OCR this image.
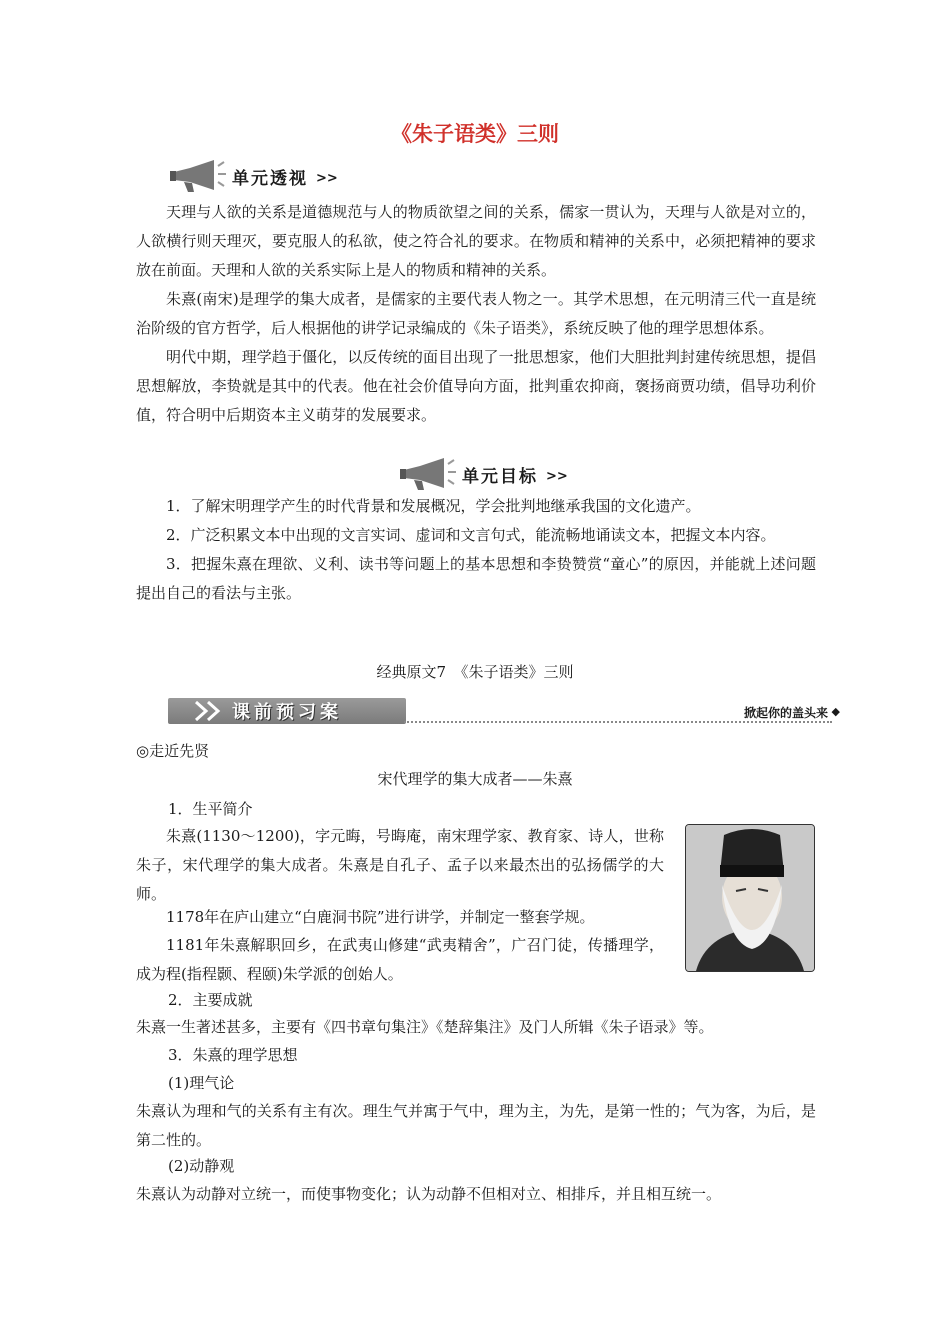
《朱子语类》三则
单元透视 >>

天理与人欲的关系是道德规范与人的物质欲望之间的关系，儒家一贯认为，天理与人欲是对立的，人欲横行则天理灭，要克服人的私欲，使之符合礼的要求。在物质和精神的关系中，必须把精神的要求放在前面。天理和人欲的关系实际上是人的物质和精神的关系。

朱熹(南宋)是理学的集大成者，是儒家的主要代表人物之一。其学术思想，在元明清三代一直是统治阶级的官方哲学，后人根据他的讲学记录编成的《朱子语类》，系统反映了他的理学思想体系。

明代中期，理学趋于僵化，以反传统的面目出现了一批思想家，他们大胆批判封建传统思想，提倡思想解放，李贽就是其中的代表。他在社会价值导向方面，批判重农抑商，褒扬商贾功绩，倡导功利价值，符合明中后期资本主义萌芽的发展要求。

单元目标 >>

1．了解宋明理学产生的时代背景和发展概况，学会批判地继承我国的文化遗产。

2．广泛积累文本中出现的文言实词、虚词和文言句式，能流畅地诵读文本，把握文本内容。

3．把握朱熹在理欲、义利、读书等问题上的基本思想和李贽赞赏“童心”的原因，并能就上述问题提出自己的看法与主张。

经典原文7　《朱子语类》三则
课前预习案	掀起你的盖头来 ◆
◎走近先贤
宋代理学的集大成者——朱熹
1．生平简介
朱熹(1130～1200)，字元晦，号晦庵，南宋理学家、教育家、诗人，世称朱子，宋代理学的集大成者。朱熹是自孔子、孟子以来最杰出的弘扬儒学的大师。
1178年在庐山建立“白鹿洞书院”进行讲学，并制定一整套学规。
1181年朱熹解职回乡，在武夷山修建“武夷精舍”，广召门徒，传播理学，成为程(指程颢、程颐)朱学派的创始人。
2．主要成就
朱熹一生著述甚多，主要有《四书章句集注》《楚辞集注》及门人所辑《朱子语录》等。
3．朱熹的理学思想
(1)理气论
朱熹认为理和气的关系有主有次。理生气并寓于气中，理为主，为先，是第一性的；气为客，为后，是第二性的。
(2)动静观
朱熹认为动静对立统一，而使事物变化；认为动静不但相对立、相排斥，并且相互统一。
